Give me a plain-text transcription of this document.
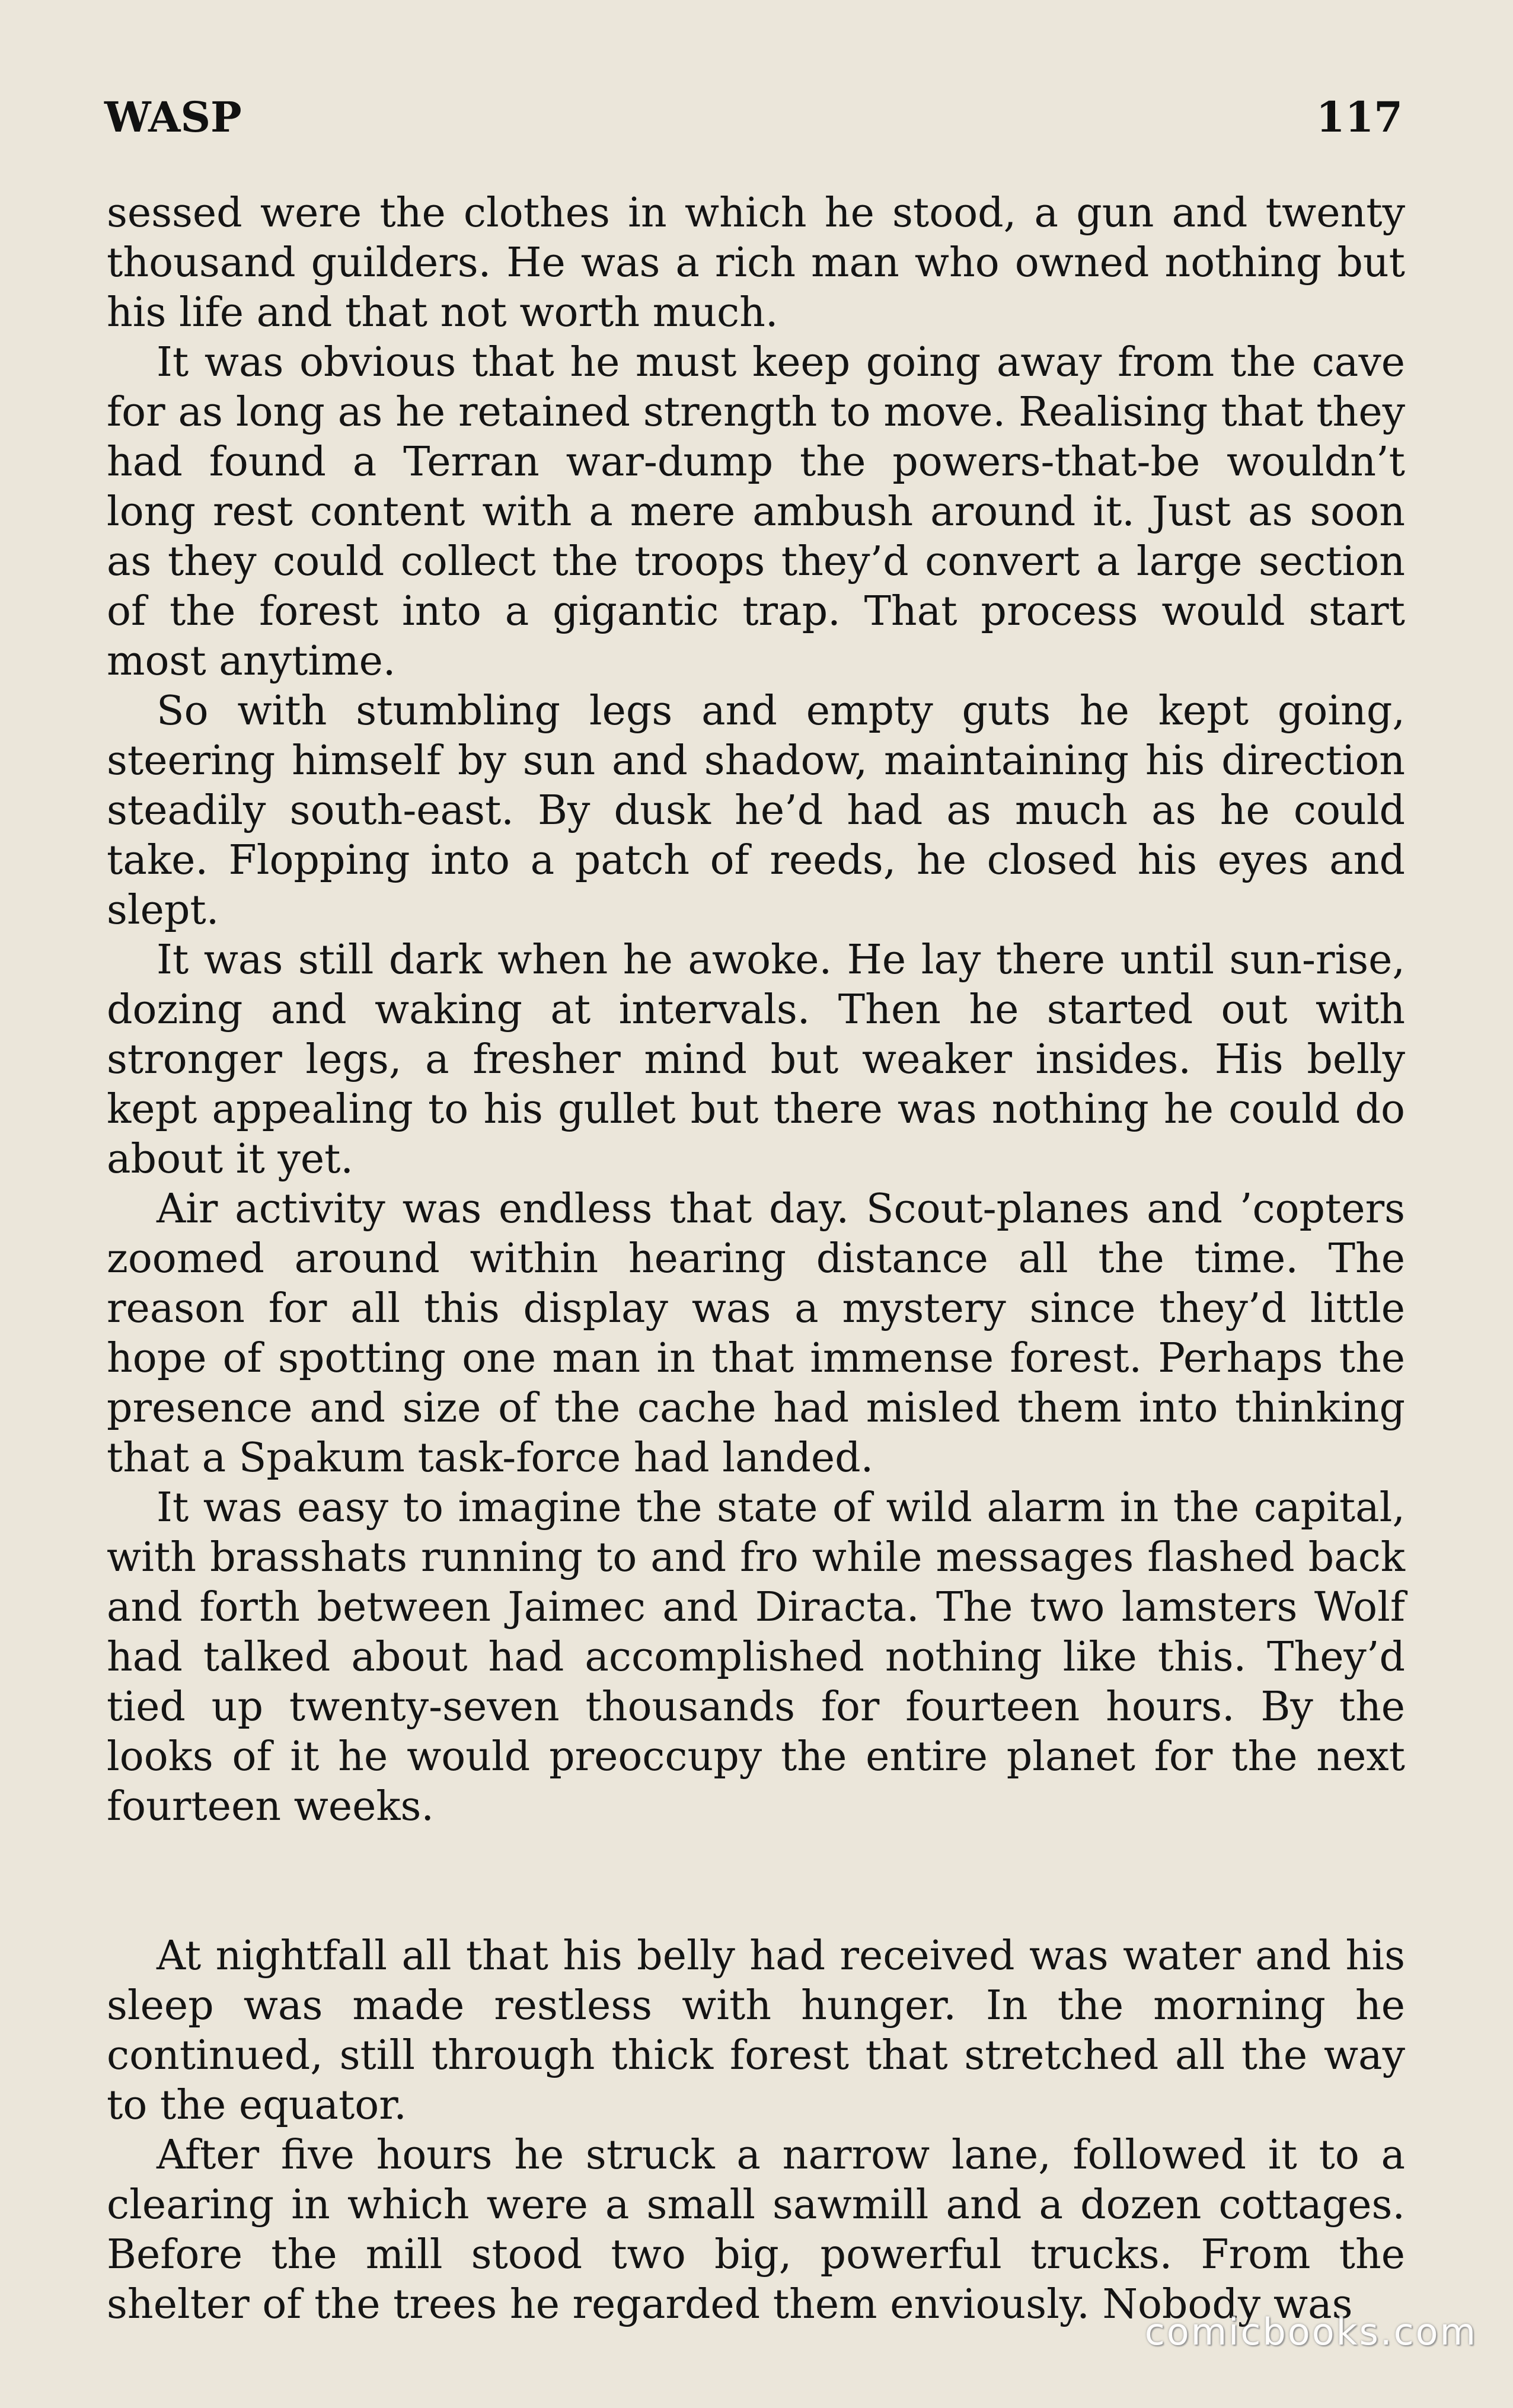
WASP	117

sessed were the clothes in which he stood, a gun and twenty thousand guilders. He was a rich man who owned nothing but his life and that not worth much.

It was obvious that he must keep going away from the cave for as long as he retained strength to move. Realising that they had found a Terran war-dump the powers-that-be wouldn’t long rest content with a mere ambush around it. Just as soon as they could collect the troops they’d convert a large section of the forest into a gigantic trap. That process would start most anytime.

So with stumbling legs and empty guts he kept going, steering himself by sun and shadow, maintaining his direction steadily south-east. By dusk he’d had as much as he could take. Flopping into a patch of reeds, he closed his eyes and slept.

It was still dark when he awoke. He lay there until sun-rise, dozing and waking at intervals. Then he started out with stronger legs, a fresher mind but weaker insides. His belly kept appealing to his gullet but there was nothing he could do about it yet.

Air activity was endless that day. Scout-planes and ’copters zoomed around within hearing distance all the time. The reason for all this display was a mystery since they’d little hope of spotting one man in that immense forest. Perhaps the presence and size of the cache had misled them into thinking that a Spakum task-force had landed.

It was easy to imagine the state of wild alarm in the capital, with brasshats running to and fro while messages flashed back and forth between Jaimec and Diracta. The two lamsters Wolf had talked about had accomplished nothing like this. They’d tied up twenty-seven thousands for fourteen hours. By the looks of it he would preoccupy the entire planet for the next fourteen weeks.

At nightfall all that his belly had received was water and his sleep was made restless with hunger. In the morning he continued, still through thick forest that stretched all the way to the equator.

After five hours he struck a narrow lane, followed it to a clearing in which were a small sawmill and a dozen cottages. Before the mill stood two big, powerful trucks. From the shelter of the trees he regarded them enviously. Nobody was

comicbooks.com
